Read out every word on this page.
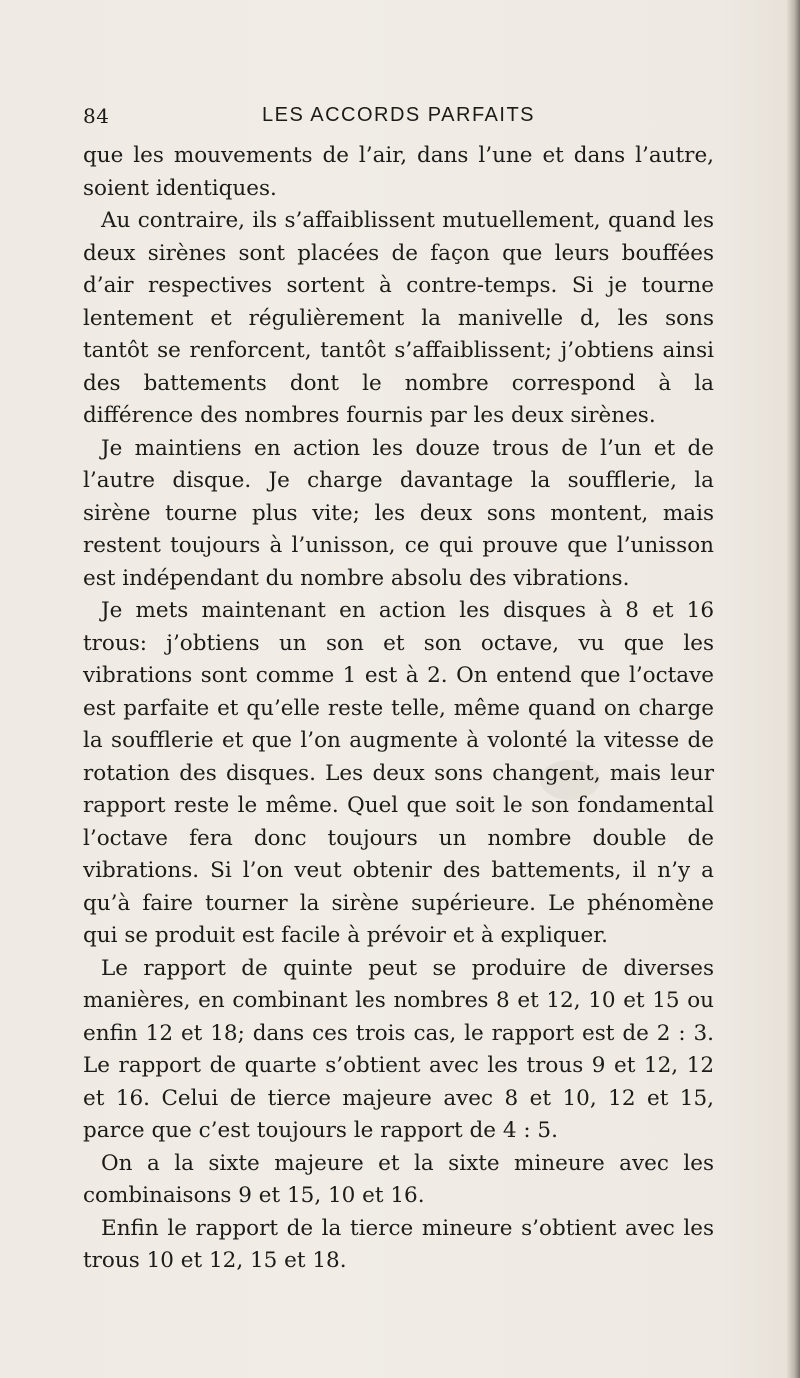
84	LES ACCORDS PARFAITS

que les mouvements de l’air, dans l’une et dans l’autre, soient identiques.

Au contraire, ils s’affaiblissent mutuellement, quand les deux sirènes sont placées de façon que leurs bouffées d’air respectives sortent à contre-temps. Si je tourne lentement et régulièrement la manivelle d, les sons tantôt se renforcent, tantôt s’affaiblissent; j’obtiens ainsi des battements dont le nombre correspond à la différence des nombres fournis par les deux sirènes.

Je maintiens en action les douze trous de l’un et de l’autre disque. Je charge davantage la soufflerie, la sirène tourne plus vite; les deux sons montent, mais restent toujours à l’unisson, ce qui prouve que l’unisson est indépendant du nombre absolu des vibrations.

Je mets maintenant en action les disques à 8 et 16 trous: j’obtiens un son et son octave, vu que les vibrations sont comme 1 est à 2. On entend que l’octave est parfaite et qu’elle reste telle, même quand on charge la soufflerie et que l’on augmente à volonté la vitesse de rotation des disques. Les deux sons changent, mais leur rapport reste le même. Quel que soit le son fondamental l’octave fera donc toujours un nombre double de vibrations. Si l’on veut obtenir des battements, il n’y a qu’à faire tourner la sirène supérieure. Le phénomène qui se produit est facile à prévoir et à expliquer.

Le rapport de quinte peut se produire de diverses manières, en combinant les nombres 8 et 12, 10 et 15 ou enfin 12 et 18; dans ces trois cas, le rapport est de 2 : 3. Le rapport de quarte s’obtient avec les trous 9 et 12, 12 et 16. Celui de tierce majeure avec 8 et 10, 12 et 15, parce que c’est toujours le rapport de 4 : 5.

On a la sixte majeure et la sixte mineure avec les combinaisons 9 et 15, 10 et 16.

Enfin le rapport de la tierce mineure s’obtient avec les trous 10 et 12, 15 et 18.
